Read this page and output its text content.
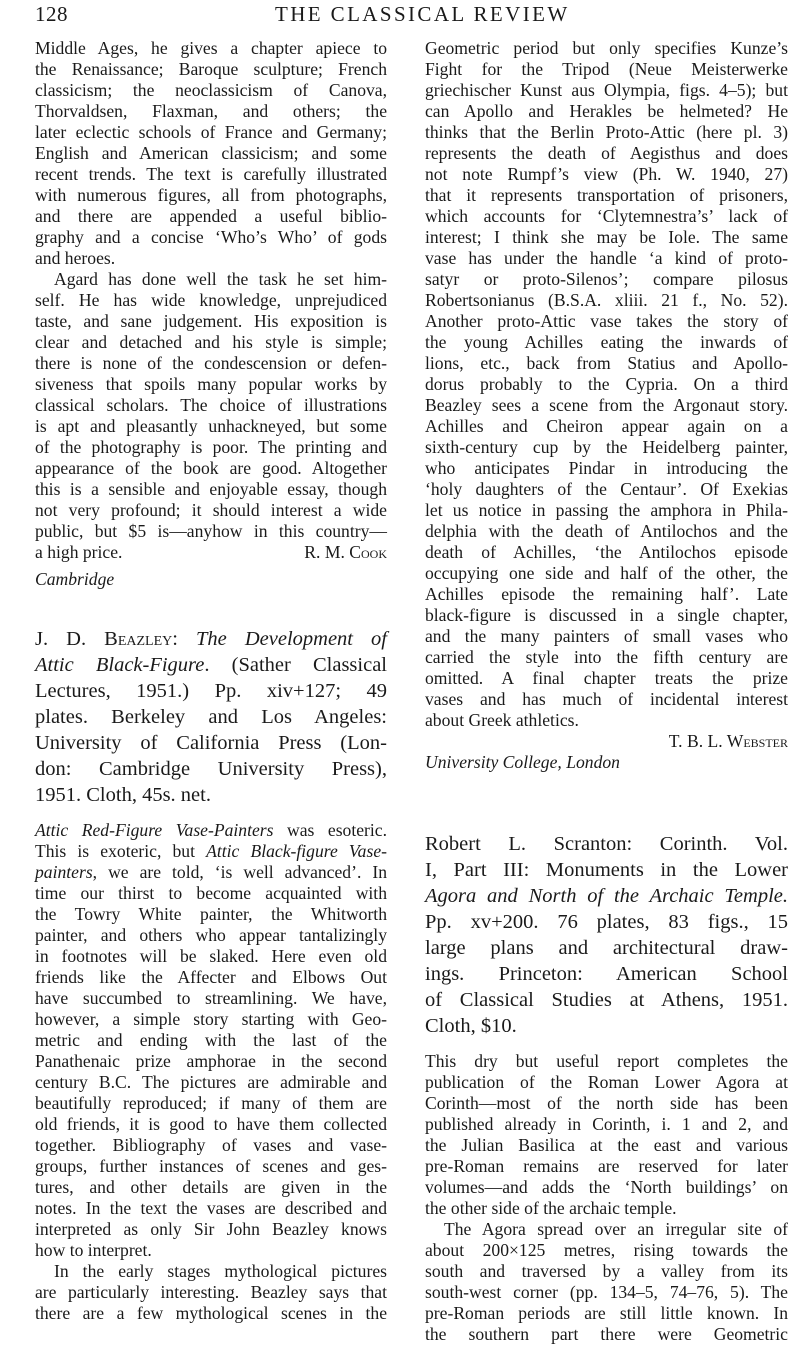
128	THE CLASSICAL REVIEW
Middle Ages, he gives a chapter apiece to
the Renaissance; Baroque sculpture; French
classicism; the neoclassicism of Canova,
Thorvaldsen, Flaxman, and others; the
later eclectic schools of France and Germany;
English and American classicism; and some
recent trends. The text is carefully illustrated
with numerous figures, all from photographs,
and there are appended a useful biblio-
graphy and a concise ‘Who’s Who’ of gods
and heroes.
Agard has done well the task he set him-
self. He has wide knowledge, unprejudiced
taste, and sane judgement. His exposition is
clear and detached and his style is simple;
there is none of the condescension or defen-
siveness that spoils many popular works by
classical scholars. The choice of illustrations
is apt and pleasantly unhackneyed, but some
of the photography is poor. The printing and
appearance of the book are good. Altogether
this is a sensible and enjoyable essay, though
not very profound; it should interest a wide
public, but $5 is—anyhow in this country—
a high price.	R. M. Cook
Cambridge
J. D. Beazley: The Development of
Attic Black-Figure. (Sather Classical
Lectures, 1951.) Pp. xiv+127; 49
plates. Berkeley and Los Angeles:
University of California Press (Lon-
don: Cambridge University Press),
1951. Cloth, 45s. net.
Attic Red-Figure Vase-Painters was esoteric.
This is exoteric, but Attic Black-figure Vase-
painters, we are told, ‘is well advanced’. In
time our thirst to become acquainted with
the Towry White painter, the Whitworth
painter, and others who appear tantalizingly
in footnotes will be slaked. Here even old
friends like the Affecter and Elbows Out
have succumbed to streamlining. We have,
however, a simple story starting with Geo-
metric and ending with the last of the
Panathenaic prize amphorae in the second
century B.C. The pictures are admirable and
beautifully reproduced; if many of them are
old friends, it is good to have them collected
together. Bibliography of vases and vase-
groups, further instances of scenes and ges-
tures, and other details are given in the
notes. In the text the vases are described and
interpreted as only Sir John Beazley knows
how to interpret.
In the early stages mythological pictures
are particularly interesting. Beazley says that
there are a few mythological scenes in the
Geometric period but only specifies Kunze’s
Fight for the Tripod (Neue Meisterwerke
griechischer Kunst aus Olympia, figs. 4–5); but
can Apollo and Herakles be helmeted? He
thinks that the Berlin Proto-Attic (here pl. 3)
represents the death of Aegisthus and does
not note Rumpf’s view (Ph. W. 1940, 27)
that it represents transportation of prisoners,
which accounts for ‘Clytemnestra’s’ lack of
interest; I think she may be Iole. The same
vase has under the handle ‘a kind of proto-
satyr or proto-Silenos’; compare pilosus
Robertsonianus (B.S.A. xliii. 21 f., No. 52).
Another proto-Attic vase takes the story of
the young Achilles eating the inwards of
lions, etc., back from Statius and Apollo-
dorus probably to the Cypria. On a third
Beazley sees a scene from the Argonaut story.
Achilles and Cheiron appear again on a
sixth-century cup by the Heidelberg painter,
who anticipates Pindar in introducing the
‘holy daughters of the Centaur’. Of Exekias
let us notice in passing the amphora in Phila-
delphia with the death of Antilochos and the
death of Achilles, ‘the Antilochos episode
occupying one side and half of the other, the
Achilles episode the remaining half’. Late
black-figure is discussed in a single chapter,
and the many painters of small vases who
carried the style into the fifth century are
omitted. A final chapter treats the prize
vases and has much of incidental interest
about Greek athletics.
T. B. L. Webster
University College, London
Robert L. Scranton: Corinth. Vol.
I, Part III: Monuments in the Lower
Agora and North of the Archaic Temple.
Pp. xv+200. 76 plates, 83 figs., 15
large plans and architectural draw-
ings. Princeton: American School
of Classical Studies at Athens, 1951.
Cloth, $10.
This dry but useful report completes the
publication of the Roman Lower Agora at
Corinth—most of the north side has been
published already in Corinth, i. 1 and 2, and
the Julian Basilica at the east and various
pre-Roman remains are reserved for later
volumes—and adds the ‘North buildings’ on
the other side of the archaic temple.
The Agora spread over an irregular site of
about 200×125 metres, rising towards the
south and traversed by a valley from its
south-west corner (pp. 134–5, 74–76, 5). The
pre-Roman periods are still little known. In
the southern part there were Geometric
